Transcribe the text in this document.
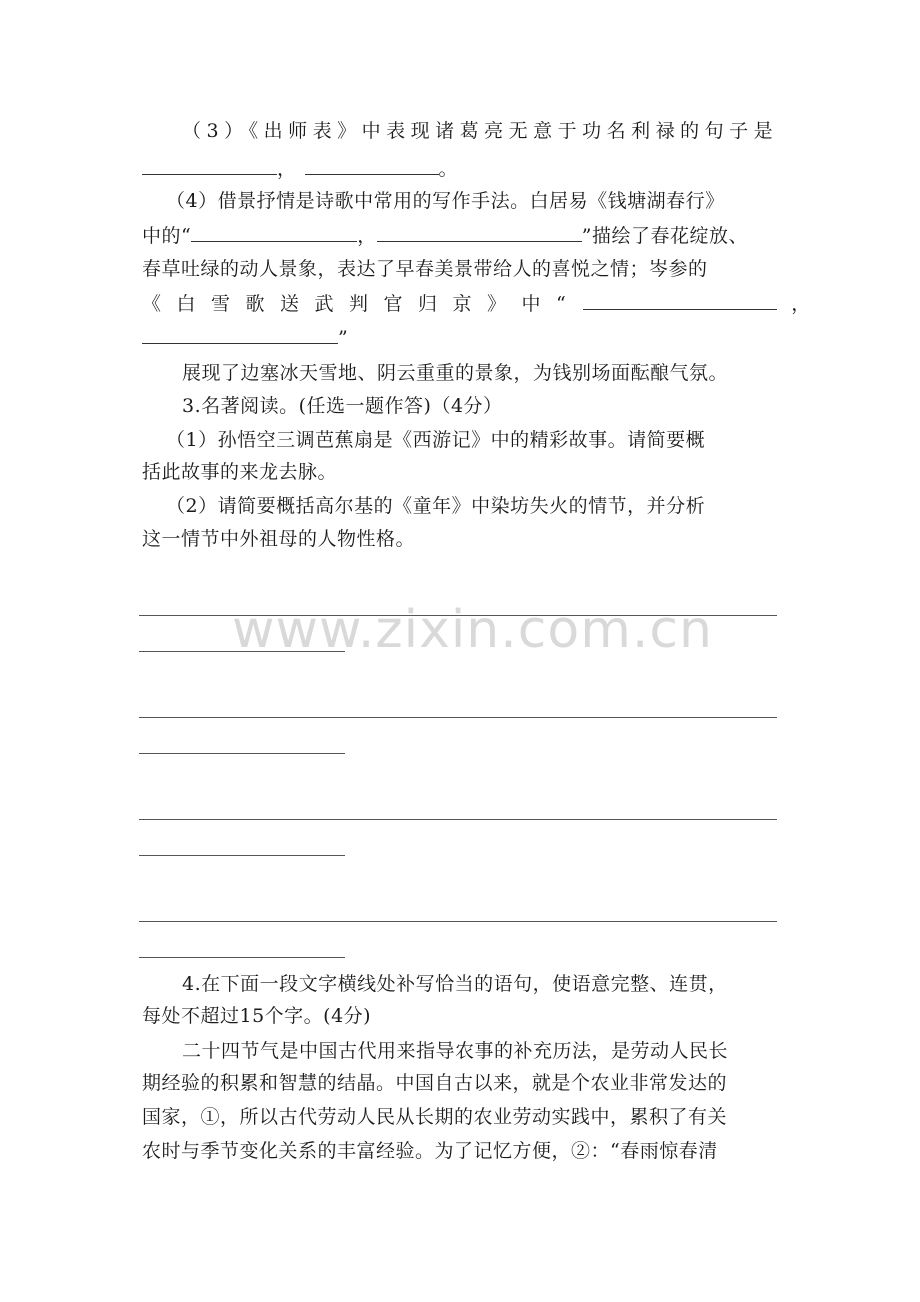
（3）《出师表》中表现诸葛亮无意于功名利禄的句子是
，	。
（4）借景抒情是诗歌中常用的写作手法。白居易《钱塘湖春行》
中的“	，	”描绘了春花绽放、
春草吐绿的动人景象，表达了早春美景带给人的喜悦之情；岑参的
《白雪歌送武判官归京》中“	，
”
展现了边塞冰天雪地、阴云重重的景象，为钱别场面酝酿气氛。
3.名著阅读。(任选一题作答)（4分）
（1）孙悟空三调芭蕉扇是《西游记》中的精彩故事。请简要概
括此故事的来龙去脉。
（2）请简要概括高尔基的《童年》中染坊失火的情节，并分析
这一情节中外祖母的人物性格。
4.在下面一段文字横线处补写恰当的语句，使语意完整、连贯，
每处不超过15个字。(4分)
二十四节气是中国古代用来指导农事的补充历法，是劳动人民长
期经验的积累和智慧的结晶。中国自古以来，就是个农业非常发达的
国家，①，所以古代劳动人民从长期的农业劳动实践中，累积了有关
农时与季节变化关系的丰富经验。为了记忆方便，②：“春雨惊春清
www.zixin.com.cn
